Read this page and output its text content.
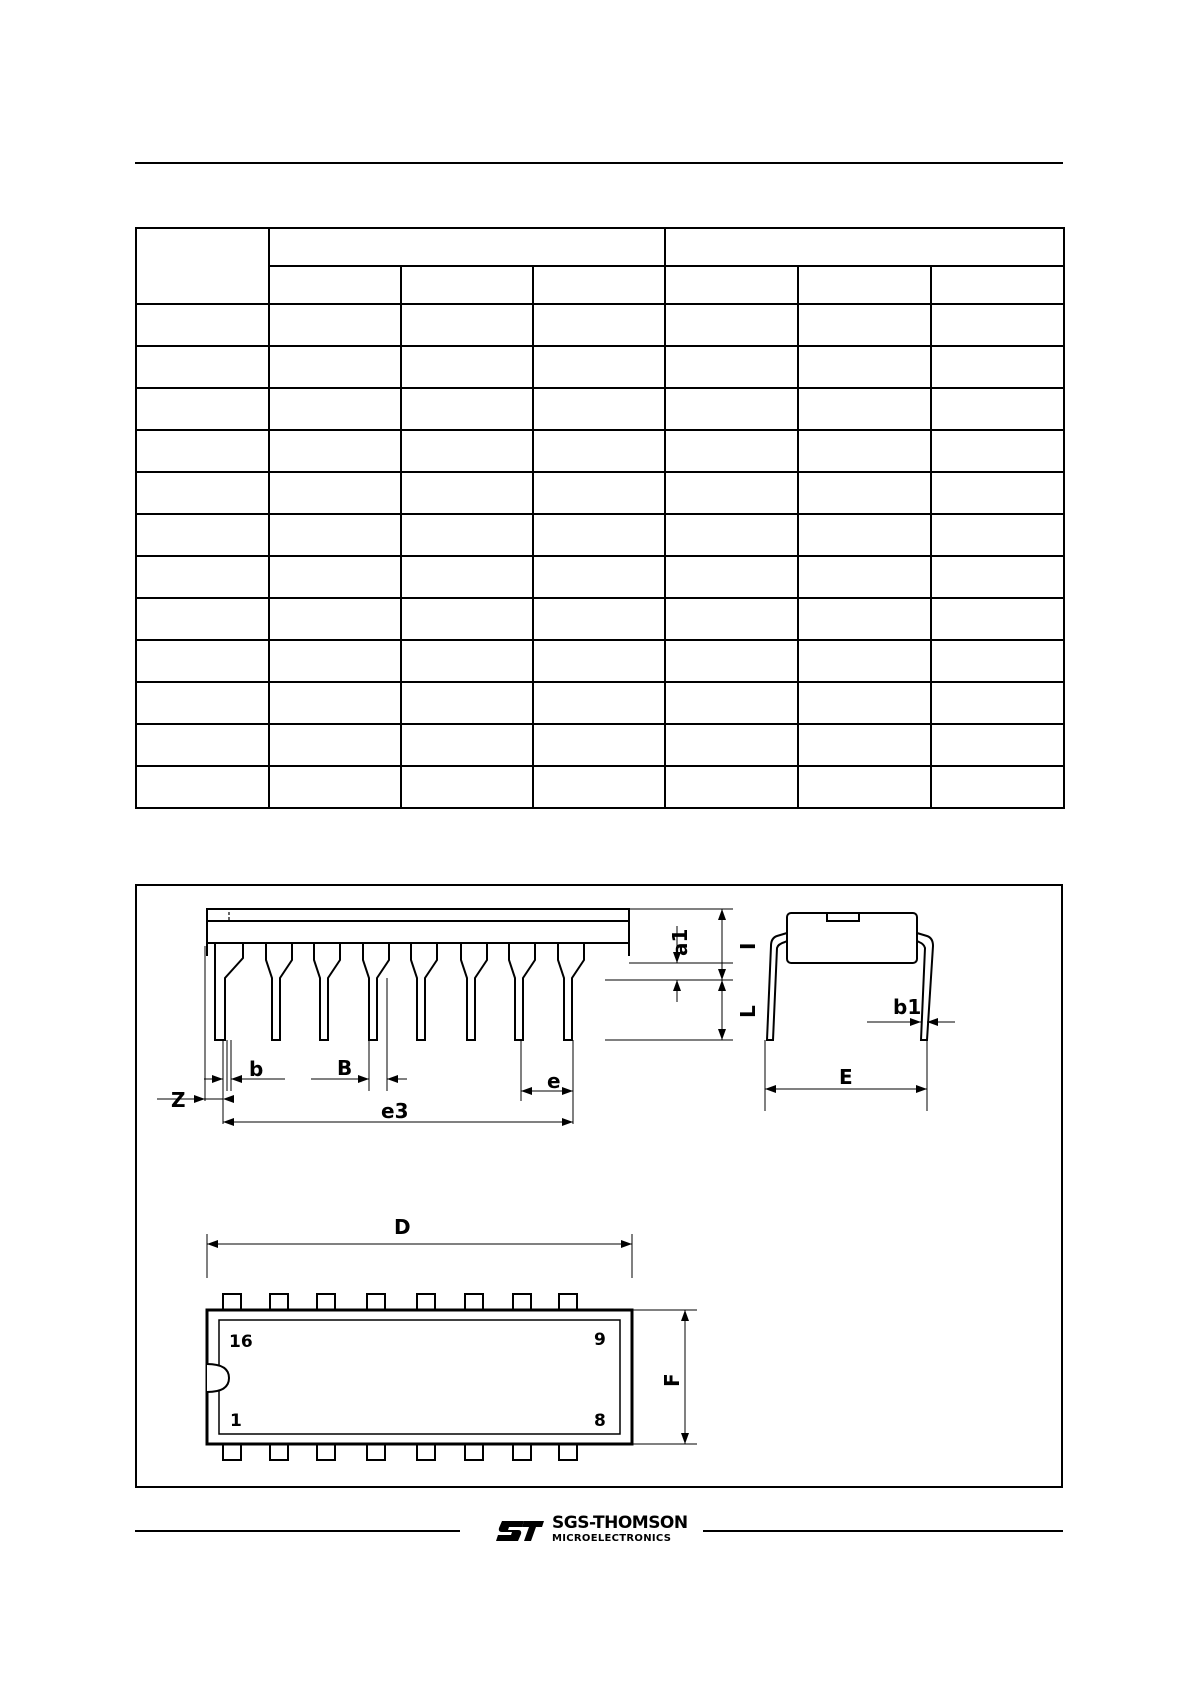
a1 I
L
Z
b	B
e
e3
b1
E
D
F
16	9
1	8
SGS-THOMSON
MICROELECTRONICS
